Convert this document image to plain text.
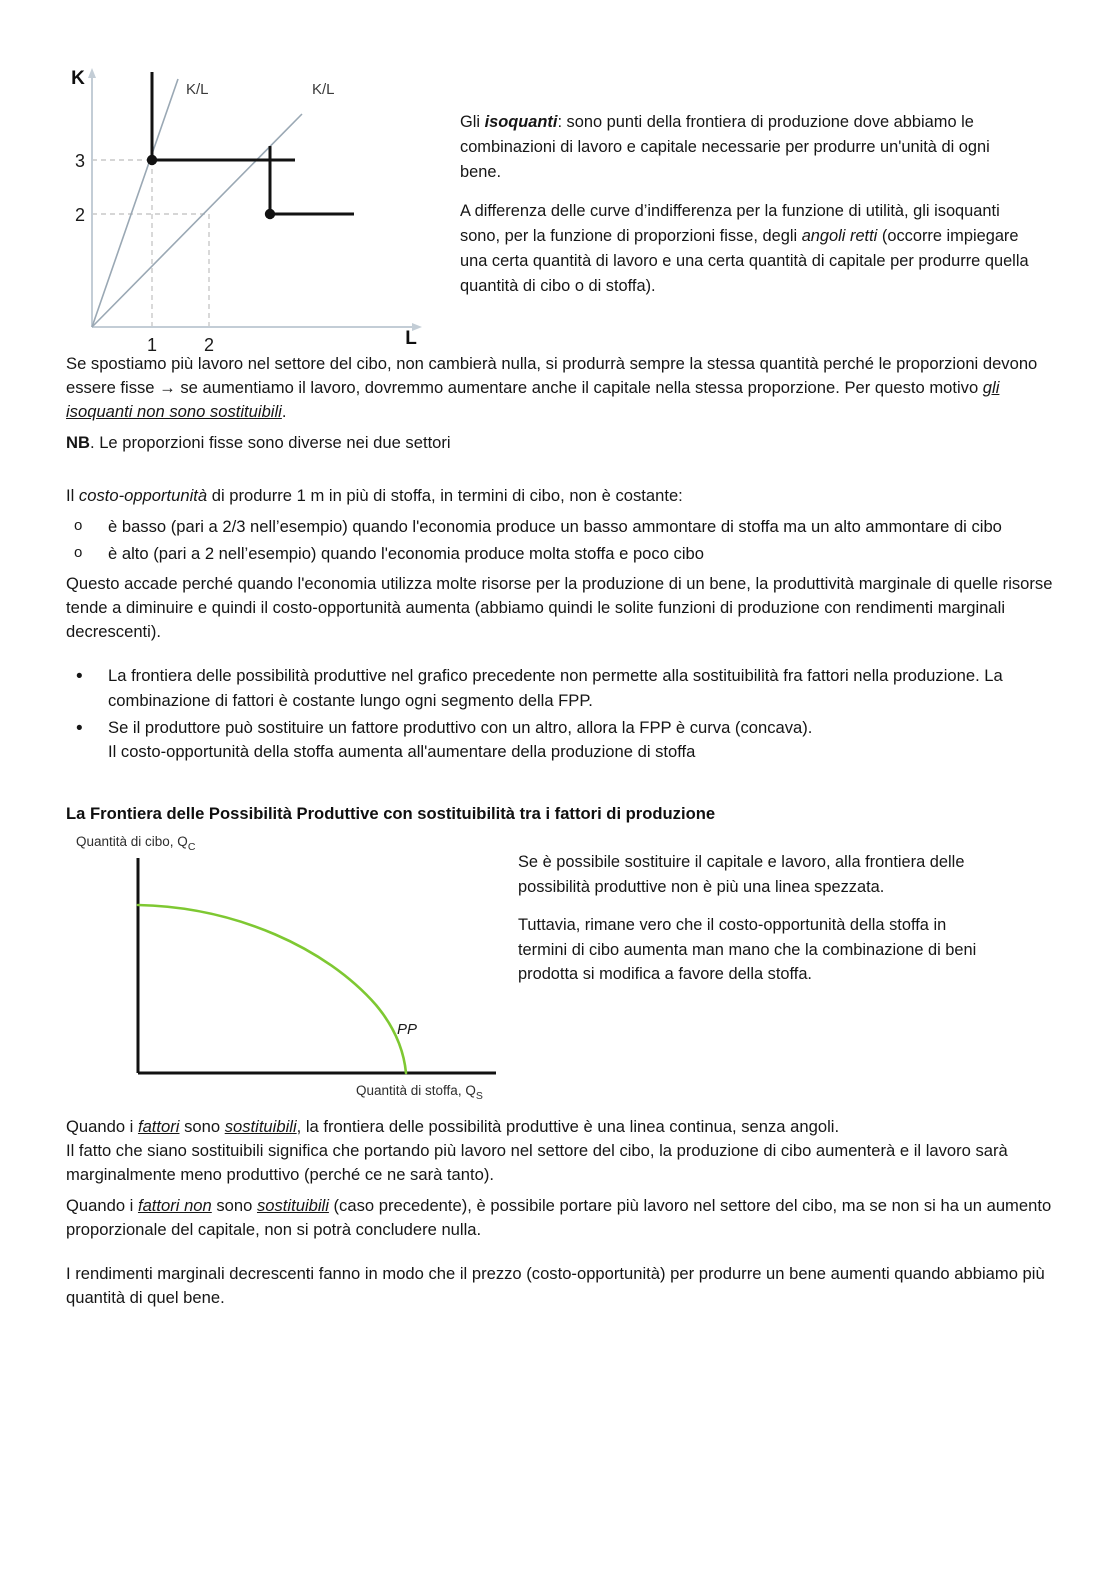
3
2
1	2
K
L
K/L	K/L

Gli isoquanti: sono punti della frontiera di produzione dove abbiamo le combinazioni di lavoro e capitale necessarie per produrre un'unità di ogni bene.

A differenza delle curve d’indifferenza per la funzione di utilità, gli isoquanti sono, per la funzione di proporzioni fisse, degli angoli retti (occorre impiegare una certa quantità di lavoro e una certa quantità di capitale per produrre quella quantità di cibo o di stoffa).

Se spostiamo più lavoro nel settore del cibo, non cambierà nulla, si produrrà sempre la stessa quantità perché le proporzioni devono essere fisse → se aumentiamo il lavoro, dovremmo aumentare anche il capitale nella stessa proporzione. Per questo motivo gli isoquanti non sono sostituibili.

NB. Le proporzioni fisse sono diverse nei due settori

Il costo-opportunità di produrre 1 m in più di stoffa, in termini di cibo, non è costante:

o è basso (pari a 2/3 nell’esempio) quando l'economia produce un basso ammontare di stoffa ma un alto ammontare di cibo
o è alto (pari a 2 nell’esempio) quando l'economia produce molta stoffa e poco cibo

Questo accade perché quando l'economia utilizza molte risorse per la produzione di un bene, la produttività marginale di quelle risorse tende a diminuire e quindi il costo-opportunità aumenta (abbiamo quindi le solite funzioni di produzione con rendimenti marginali decrescenti).

• La frontiera delle possibilità produttive nel grafico precedente non permette alla sostituibilità fra fattori nella produzione. La combinazione di fattori è costante lungo ogni segmento della FPP.
• Se il produttore può sostituire un fattore produttivo con un altro, allora la FPP è curva (concava).
Il costo-opportunità della stoffa aumenta all'aumentare della produzione di stoffa

La Frontiera delle Possibilità Produttive con sostituibilità tra i fattori di produzione

Quantità di cibo, $Q_C$
PP
Quantità di stoffa, $Q_S$

Se è possibile sostituire il capitale e lavoro, alla frontiera delle possibilità produttive non è più una linea spezzata.

Tuttavia, rimane vero che il costo-opportunità della stoffa in termini di cibo aumenta man mano che la combinazione di beni prodotta si modifica a favore della stoffa.

Quando i fattori sono sostituibili, la frontiera delle possibilità produttive è una linea continua, senza angoli.
Il fatto che siano sostituibili significa che portando più lavoro nel settore del cibo, la produzione di cibo aumenterà e il lavoro sarà marginalmente meno produttivo (perché ce ne sarà tanto).

Quando i fattori non sono sostituibili (caso precedente), è possibile portare più lavoro nel settore del cibo, ma se non si ha un aumento proporzionale del capitale, non si potrà concludere nulla.

I rendimenti marginali decrescenti fanno in modo che il prezzo (costo-opportunità) per produrre un bene aumenti quando abbiamo più quantità di quel bene.
